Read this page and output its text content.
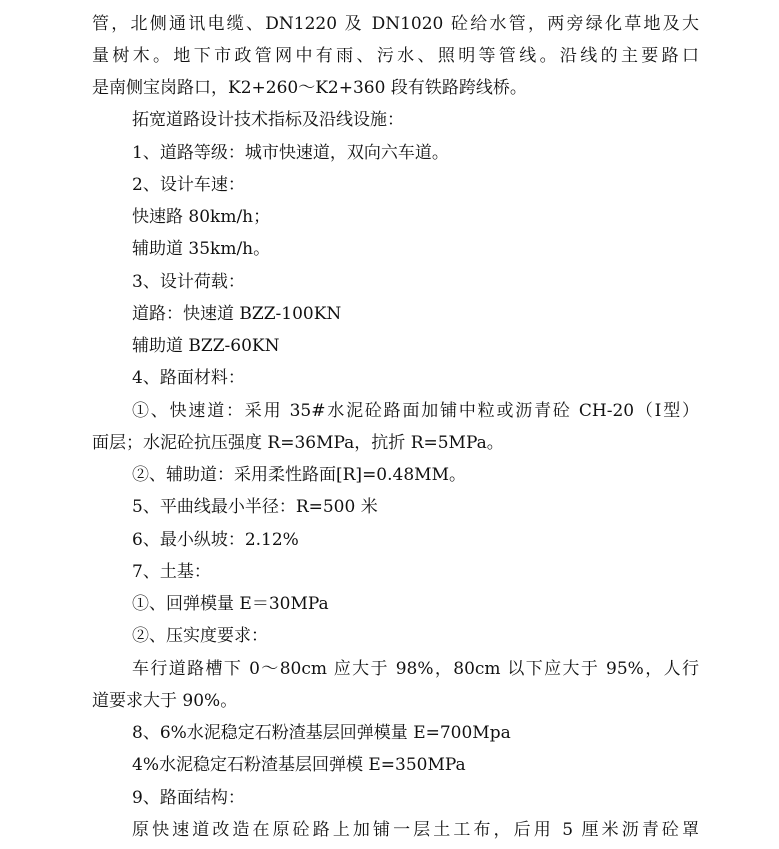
管，北侧通讯电缆、DN1220 及 DN1020 砼给水管，两旁绿化草地及大
量树木。地下市政管网中有雨、污水、照明等管线。沿线的主要路口
是南侧宝岗路口，K2+260～K2+360 段有铁路跨线桥。
拓宽道路设计技术指标及沿线设施：
1、道路等级：城市快速道，双向六车道。
2、设计车速：
快速路 80km/h；
辅助道 35km/h。
3、设计荷载：
道路：快速道 BZZ-100KN
辅助道 BZZ-60KN
4、路面材料：
①、快速道：采用 35#水泥砼路面加铺中粒或沥青砼 CH-20（Ⅰ型）
面层；水泥砼抗压强度 R=36MPa，抗折 R=5MPa。
②、辅助道：采用柔性路面[R]=0.48MM。
5、平曲线最小半径：R=500 米
6、最小纵坡：2.12%
7、土基：
①、回弹模量 E＝30MPa
②、压实度要求：
车行道路槽下 0～80cm 应大于 98%，80cm 以下应大于 95%，人行
道要求大于 90%。
8、6%水泥稳定石粉渣基层回弹模量 E=700Mpa
4%水泥稳定石粉渣基层回弹模 E=350MPa
9、路面结构：
原快速道改造在原砼路上加铺一层土工布，后用 5 厘米沥青砼罩
